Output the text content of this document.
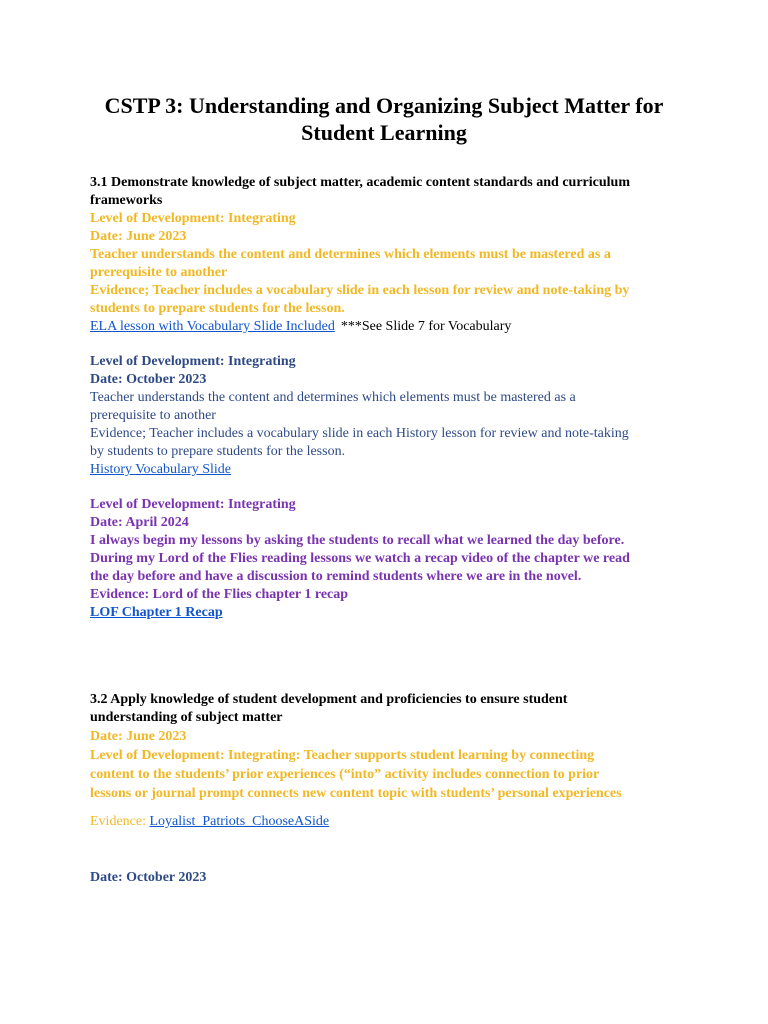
CSTP 3: Understanding and Organizing Subject Matter for
Student Learning
3.1 Demonstrate knowledge of subject matter, academic content standards and curriculum
frameworks
Level of Development: Integrating
Date: June 2023
Teacher understands the content and determines which elements must be mastered as a
prerequisite to another
Evidence; Teacher includes a vocabulary slide in each lesson for review and note-taking by
students to prepare students for the lesson.
ELA lesson with Vocabulary Slide Included ***See Slide 7 for Vocabulary
Level of Development: Integrating
Date: October 2023
Teacher understands the content and determines which elements must be mastered as a
prerequisite to another
Evidence; Teacher includes a vocabulary slide in each History lesson for review and note-taking
by students to prepare students for the lesson.
History Vocabulary Slide
Level of Development: Integrating
Date: April 2024
I always begin my lessons by asking the students to recall what we learned the day before.
During my Lord of the Flies reading lessons we watch a recap video of the chapter we read
the day before and have a discussion to remind students where we are in the novel.
Evidence: Lord of the Flies chapter 1 recap
LOF Chapter 1 Recap
3.2 Apply knowledge of student development and proficiencies to ensure student
understanding of subject matter
Date: June 2023
Level of Development: Integrating: Teacher supports student learning by connecting
content to the students’ prior experiences (“into” activity includes connection to prior
lessons or journal prompt connects new content topic with students’ personal experiences
Evidence: Loyalist_Patriots_ChooseASide
Date: October 2023
